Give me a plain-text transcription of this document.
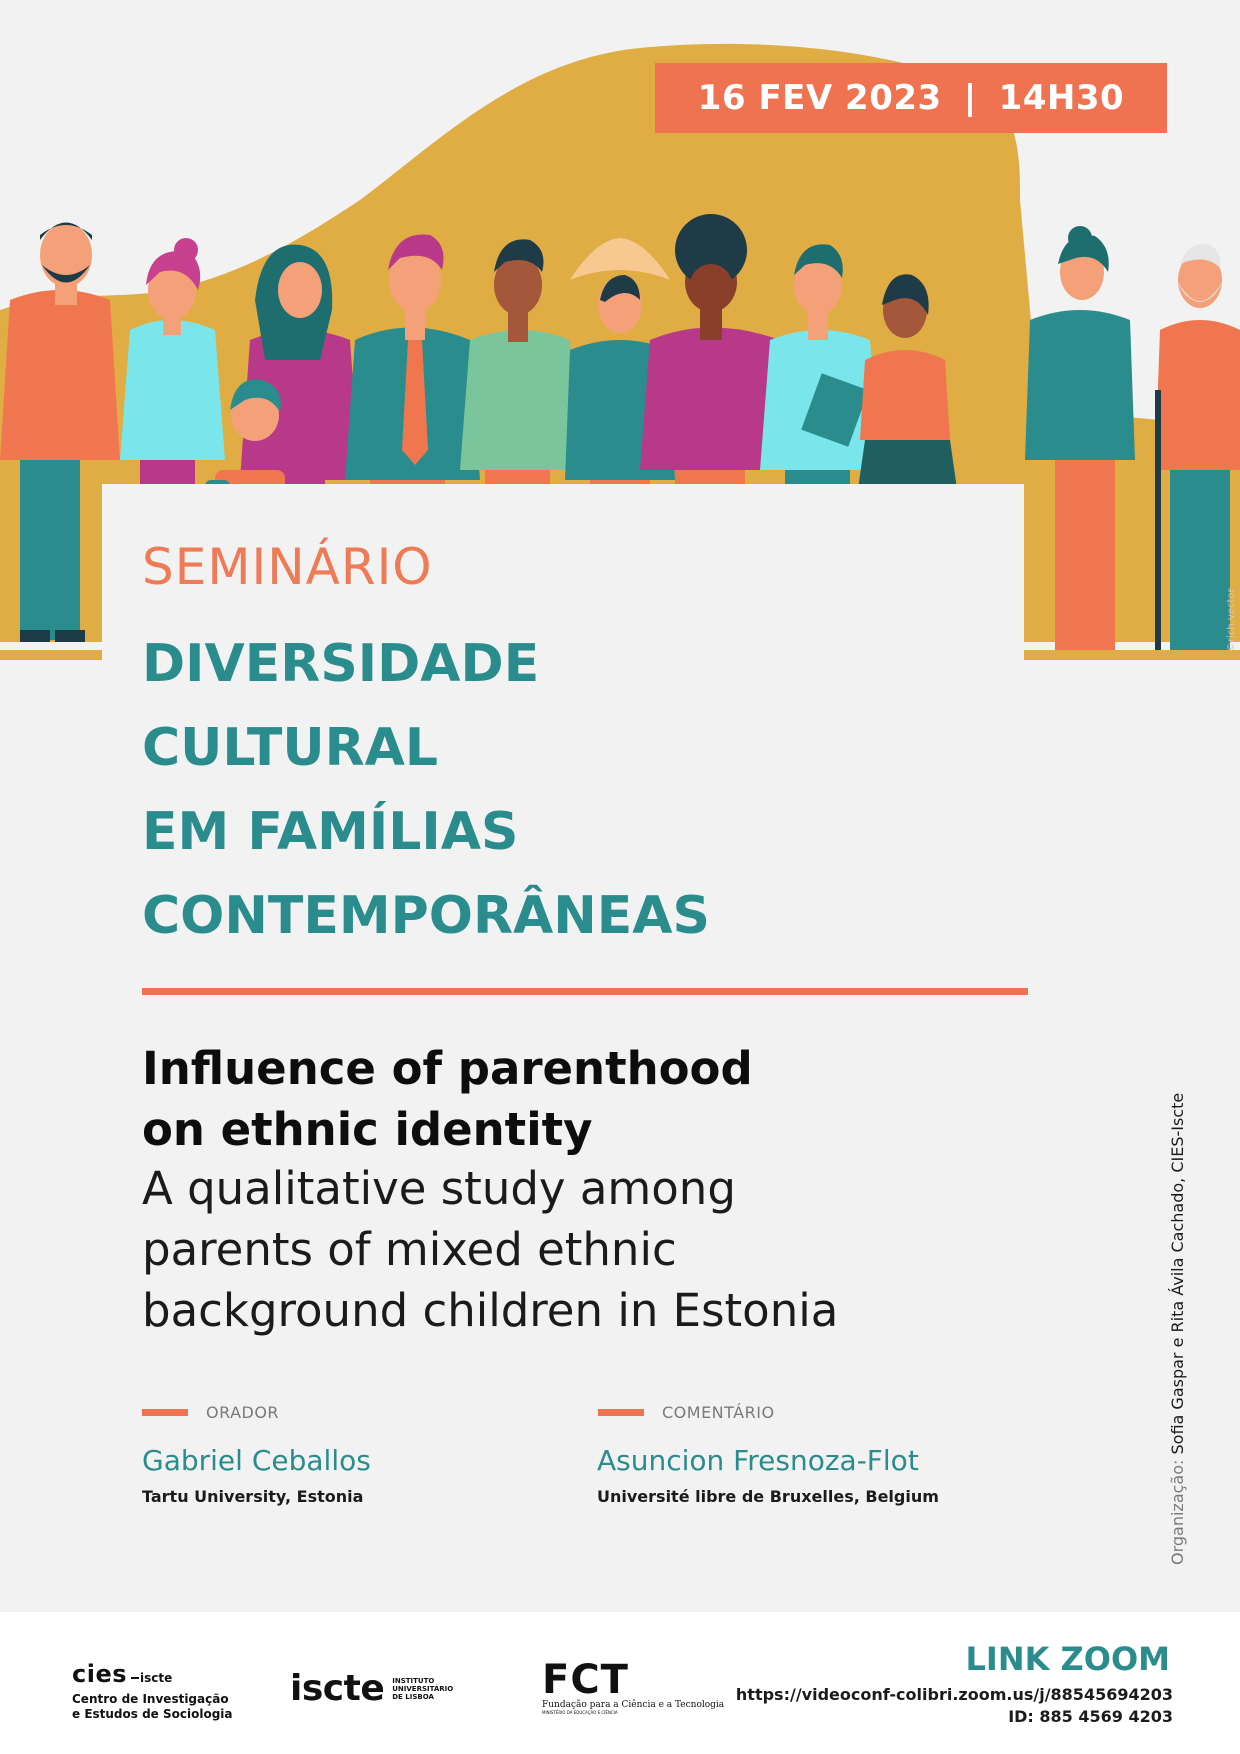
16 FEV 2023 | 14H30
©rich.vector
SEMINÁRIO
DIVERSIDADE
CULTURAL
EM FAMÍLIAS
CONTEMPORÂNEAS
Influence of parenthood
on ethnic identity
A qualitative study among
parents of mixed ethnic
background children in Estonia
ORADOR
Gabriel Ceballos
Tartu University, Estonia
COMENTÁRIO
Asuncion Fresnoza-Flot
Université libre de Bruxelles, Belgium	Organização: Sofia Gaspar e Rita Ávila Cachado, CIES-Iscte
cies iscte
Centro de Investigação
e Estudos de Sociologia
iscte INSTITUTO
UNIVERSITÁRIO
DE LISBOA	FCT
Fundação para a Ciência e a Tecnologia
MINISTÉRIO DA EDUCAÇÃO E CIÊNCIA
LINK ZOOM
https://videoconf-colibri.zoom.us/j/88545694203
ID: 885 4569 4203
